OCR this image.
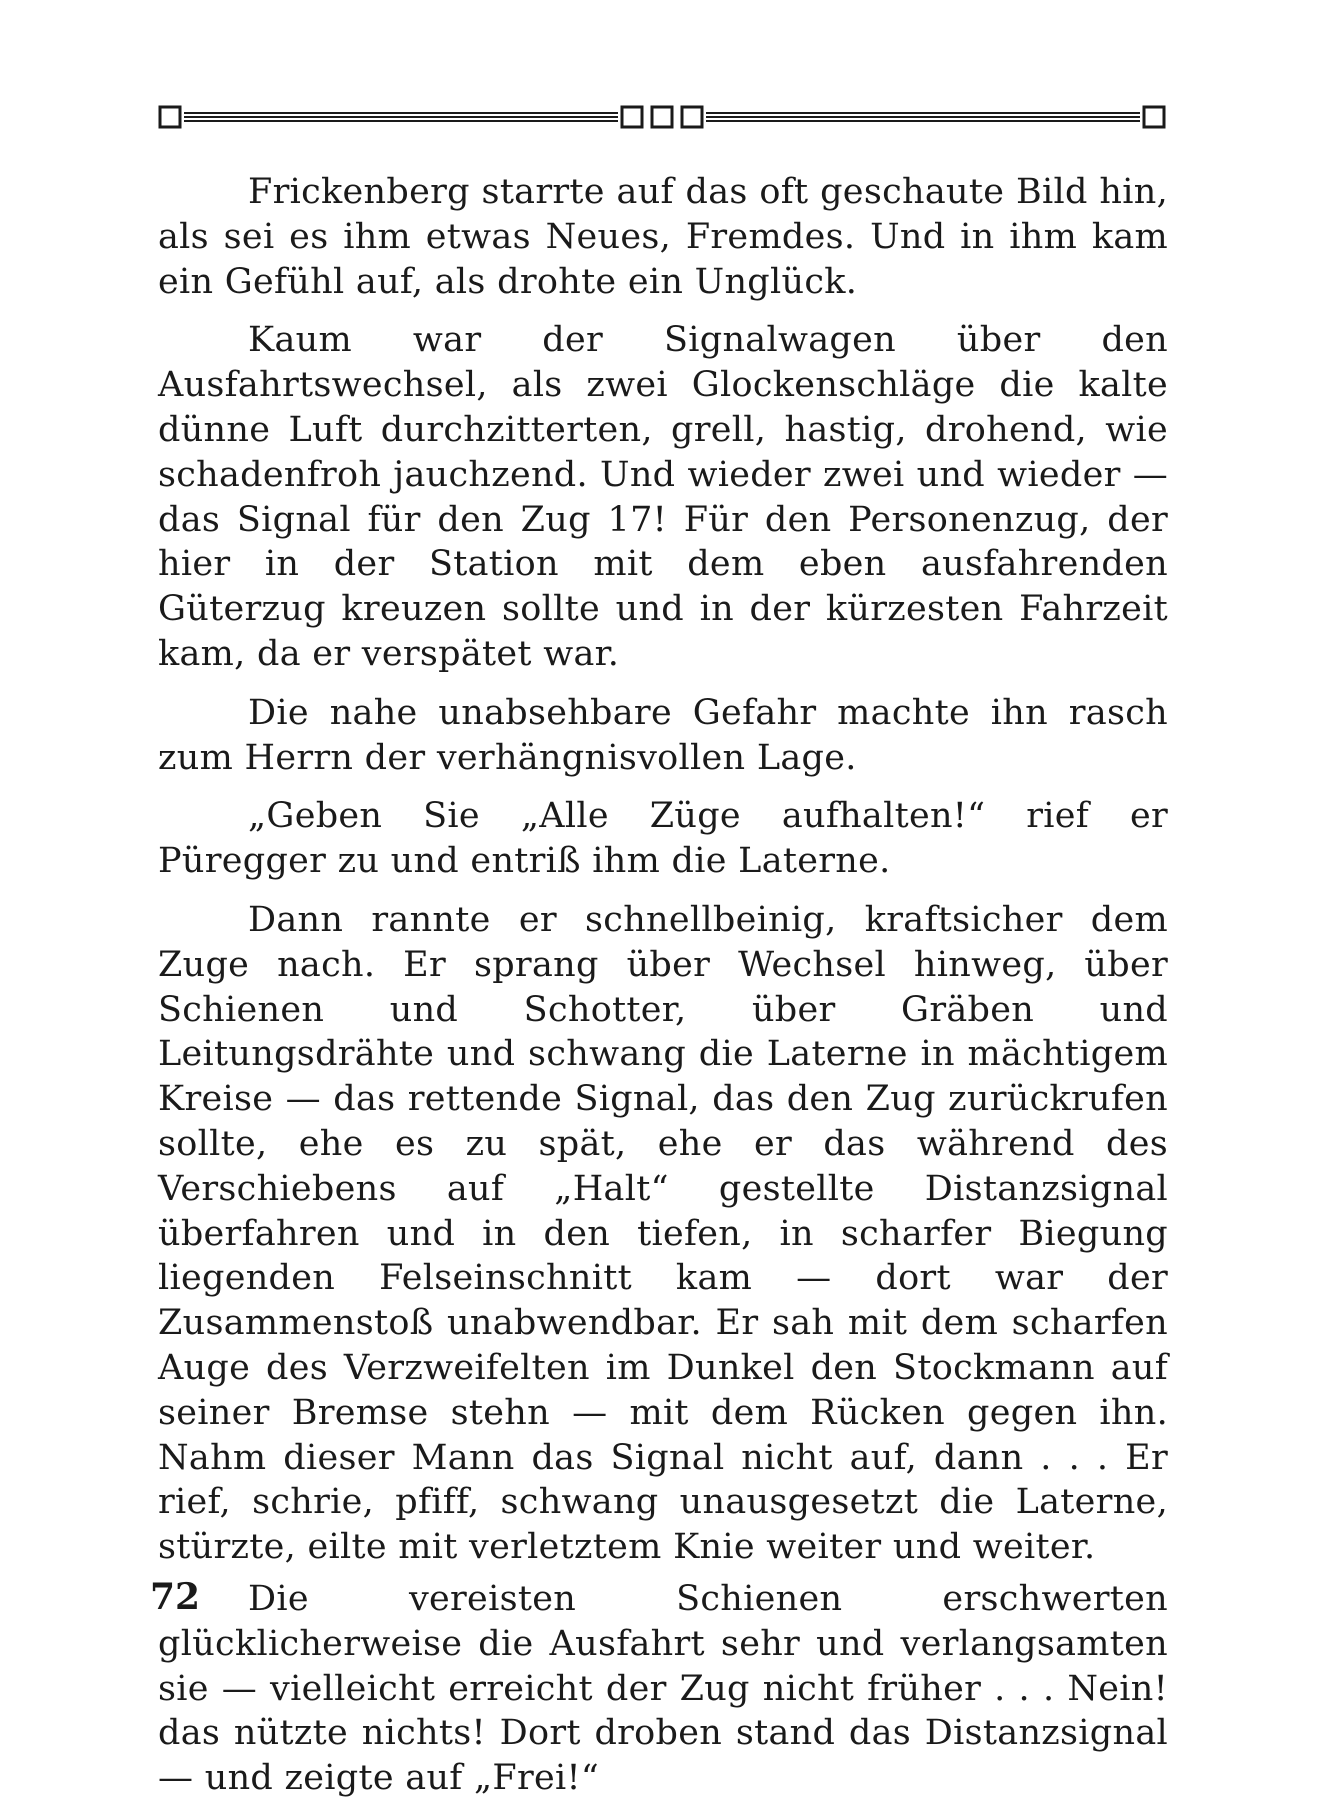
Frickenberg starrte auf das oft geschaute Bild hin, als sei es ihm etwas Neues, Fremdes. Und in ihm kam ein Gefühl auf, als drohte ein Unglück.

Kaum war der Signalwagen über den Ausfahrtswechsel, als zwei Glockenschläge die kalte dünne Luft durchzitterten, grell, hastig, drohend, wie schadenfroh jauchzend. Und wieder zwei und wieder — das Signal für den Zug 17! Für den Personenzug, der hier in der Station mit dem eben ausfahrenden Güterzug kreuzen sollte und in der kürzesten Fahrzeit kam, da er verspätet war.

Die nahe unabsehbare Gefahr machte ihn rasch zum Herrn der verhängnisvollen Lage.

„Geben Sie „Alle Züge aufhalten!“ rief er Püregger zu und entriß ihm die Laterne.

Dann rannte er schnellbeinig, kraftsicher dem Zuge nach. Er sprang über Wechsel hinweg, über Schienen und Schotter, über Gräben und Leitungsdrähte und schwang die Laterne in mächtigem Kreise — das rettende Signal, das den Zug zurückrufen sollte, ehe es zu spät, ehe er das während des Verschiebens auf „Halt“ gestellte Distanzsignal überfahren und in den tiefen, in scharfer Biegung liegenden Felseinschnitt kam — dort war der Zusammenstoß unabwendbar. Er sah mit dem scharfen Auge des Verzweifelten im Dunkel den Stockmann auf seiner Bremse stehn — mit dem Rücken gegen ihn. Nahm dieser Mann das Signal nicht auf, dann . . . Er rief, schrie, pfiff, schwang unausgesetzt die Laterne, stürzte, eilte mit verletztem Knie weiter und weiter.

Die vereisten Schienen erschwerten glücklicherweise die Ausfahrt sehr und verlangsamten sie — vielleicht erreicht der Zug nicht früher . . . Nein! das nützte nichts! Dort droben stand das Distanzsignal — und zeigte auf „Frei!“

72
